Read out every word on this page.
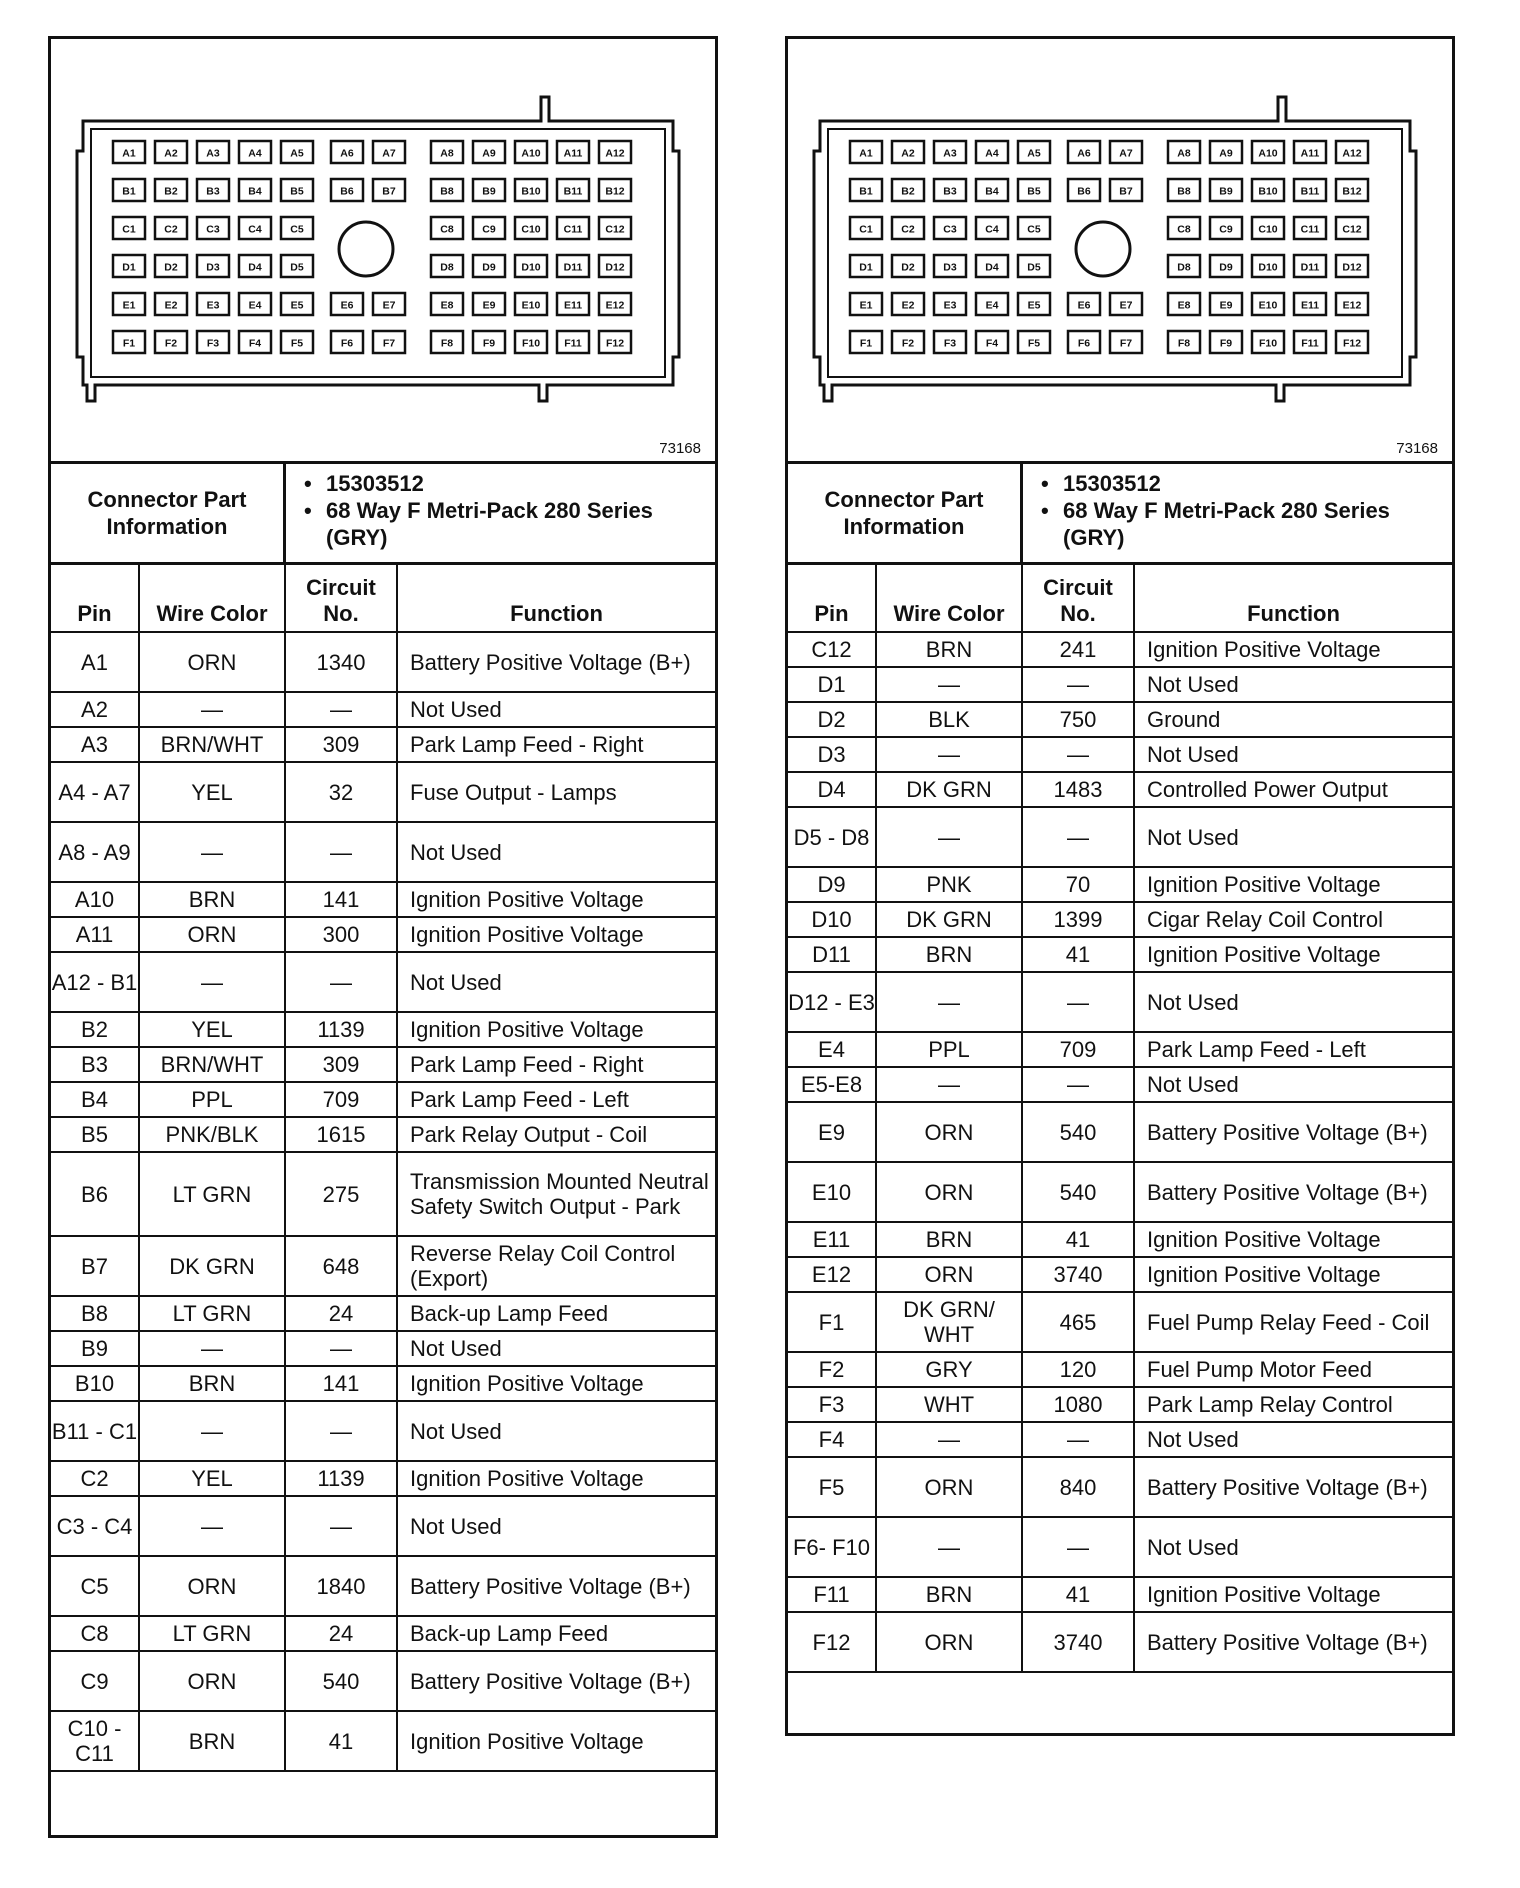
A1	A2	A3	A4	A5	A6	A7	A8	A9 A10 A11 A12
B1	B2	B3	B4	B5	B6	B7	B8	B9 B10 B11 B12
C1	C2	C3	C4	C5	C8	C9 C10 C11 C12
D1	D2	D3	D4	D5	D8	D9 D10 D11 D12
E1	E2	E3	E4	E5	E6	E7	E8	E9 E10 E11 E12
F1	F2	F3	F4	F5	F6	F7	F8	F9	F10 F11 F12
73168
Connector Part Information
• 15303512
• 68 Way F Metri-Pack 280 Series (GRY)
Pin	Wire Color	Circuit No.	Function
A1	ORN	1340	Battery Positive Voltage (B+)
A2	—	—	Not Used
A3	BRN/WHT	309	Park Lamp Feed - Right
A4 - A7	YEL	32	Fuse Output - Lamps
A8 - A9	—	—	Not Used
A10	BRN	141	Ignition Positive Voltage
A11	ORN	300	Ignition Positive Voltage
A12 - B1	—	—	Not Used
B2	YEL	1139	Ignition Positive Voltage
B3	BRN/WHT	309	Park Lamp Feed - Right
B4	PPL	709	Park Lamp Feed - Left
B5	PNK/BLK	1615	Park Relay Output - Coil
B6	LT GRN	275	Transmission Mounted Neutral Safety Switch Output - Park
B7	DK GRN	648	Reverse Relay Coil Control (Export)
B8	LT GRN	24	Back-up Lamp Feed
B9	—	—	Not Used
B10	BRN	141	Ignition Positive Voltage
B11 - C1	—	—	Not Used
C2	YEL	1139	Ignition Positive Voltage
C3 - C4	—	—	Not Used
C5	ORN	1840	Battery Positive Voltage (B+)
C8	LT GRN	24	Back-up Lamp Feed
C9	ORN	540	Battery Positive Voltage (B+)
C10 - C11	BRN	41	Ignition Positive Voltage
A1	A2	A3	A4	A5	A6	A7	A8	A9 A10 A11 A12
B1	B2	B3	B4	B5	B6	B7	B8	B9 B10 B11 B12
C1	C2	C3	C4	C5	C8	C9 C10 C11 C12
D1	D2	D3	D4	D5	D8	D9 D10 D11 D12
E1	E2	E3	E4	E5	E6	E7	E8	E9 E10 E11 E12
F1	F2	F3	F4	F5	F6	F7	F8	F9	F10 F11 F12
73168
Connector Part Information
• 15303512
• 68 Way F Metri-Pack 280 Series (GRY)
Pin	Wire Color	Circuit No.	Function
C12	BRN	241	Ignition Positive Voltage
D1	—	—	Not Used
D2	BLK	750	Ground
D3	—	—	Not Used
D4	DK GRN	1483	Controlled Power Output
D5 - D8	—	—	Not Used
D9	PNK	70	Ignition Positive Voltage
D10	DK GRN	1399	Cigar Relay Coil Control
D11	BRN	41	Ignition Positive Voltage
D12 - E3	—	—	Not Used
E4	PPL	709	Park Lamp Feed - Left
E5-E8	—	—	Not Used
E9	ORN	540	Battery Positive Voltage (B+)
E10	ORN	540	Battery Positive Voltage (B+)
E11	BRN	41	Ignition Positive Voltage
E12	ORN	3740	Ignition Positive Voltage
F1	DK GRN/ WHT	465	Fuel Pump Relay Feed - Coil
F2	GRY	120	Fuel Pump Motor Feed
F3	WHT	1080	Park Lamp Relay Control
F4	—	—	Not Used
F5	ORN	840	Battery Positive Voltage (B+)
F6- F10	—	—	Not Used
F11	BRN	41	Ignition Positive Voltage
F12	ORN	3740	Battery Positive Voltage (B+)
